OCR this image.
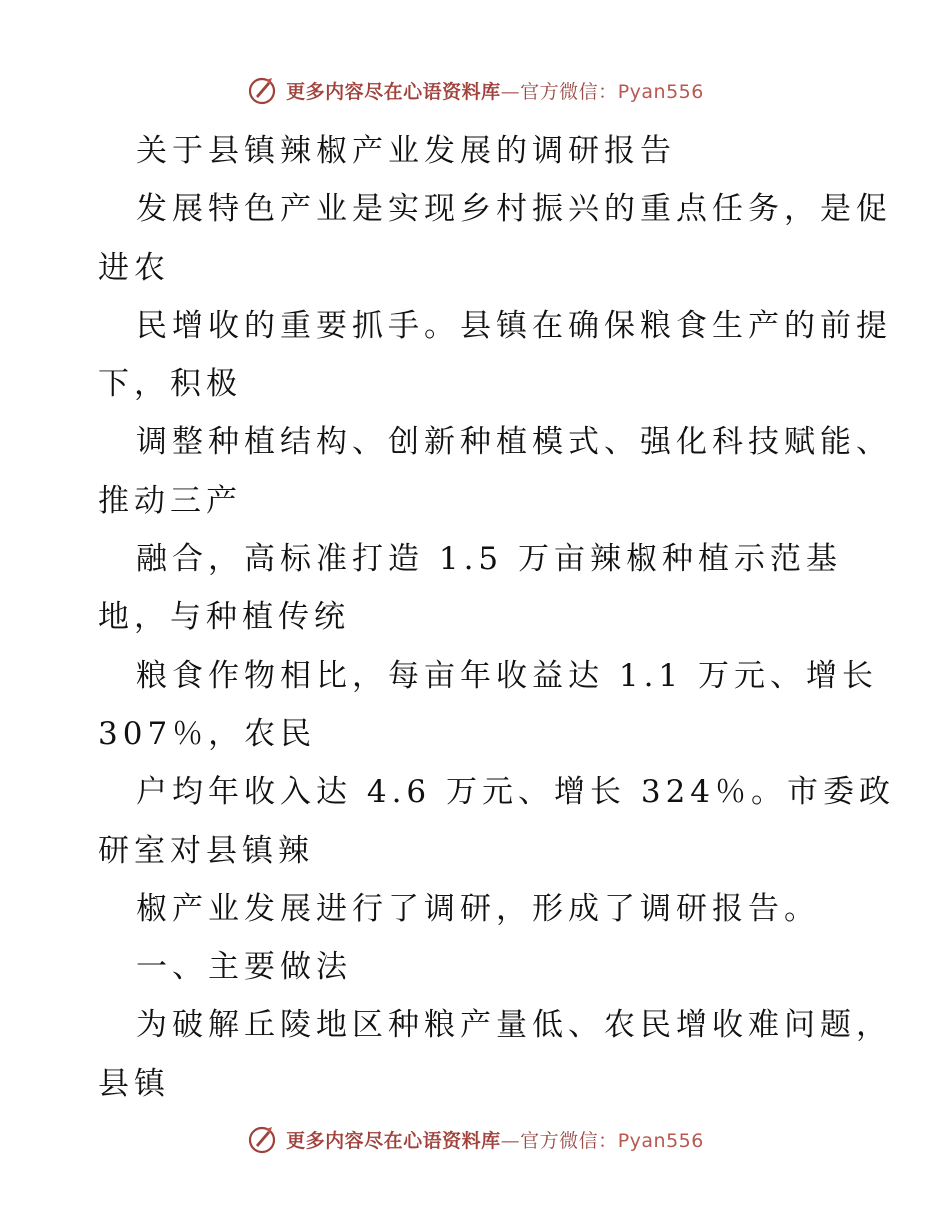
更多内容尽在心语资料库—官方微信：Pyan556

关于县镇辣椒产业发展的调研报告

发展特色产业是实现乡村振兴的重点任务，是促

进农

民增收的重要抓手。县镇在确保粮食生产的前提

下，积极

调整种植结构、创新种植模式、强化科技赋能、

推动三产

融合，高标准打造 1.5 万亩辣椒种植示范基

地，与种植传统

粮食作物相比，每亩年收益达 1.1 万元、增长

307％，农民

户均年收入达 4.6 万元、增长 324％。市委政

研室对县镇辣

椒产业发展进行了调研，形成了调研报告。

一、主要做法

为破解丘陵地区种粮产量低、农民增收难问题，

县镇

更多内容尽在心语资料库—官方微信：Pyan556
